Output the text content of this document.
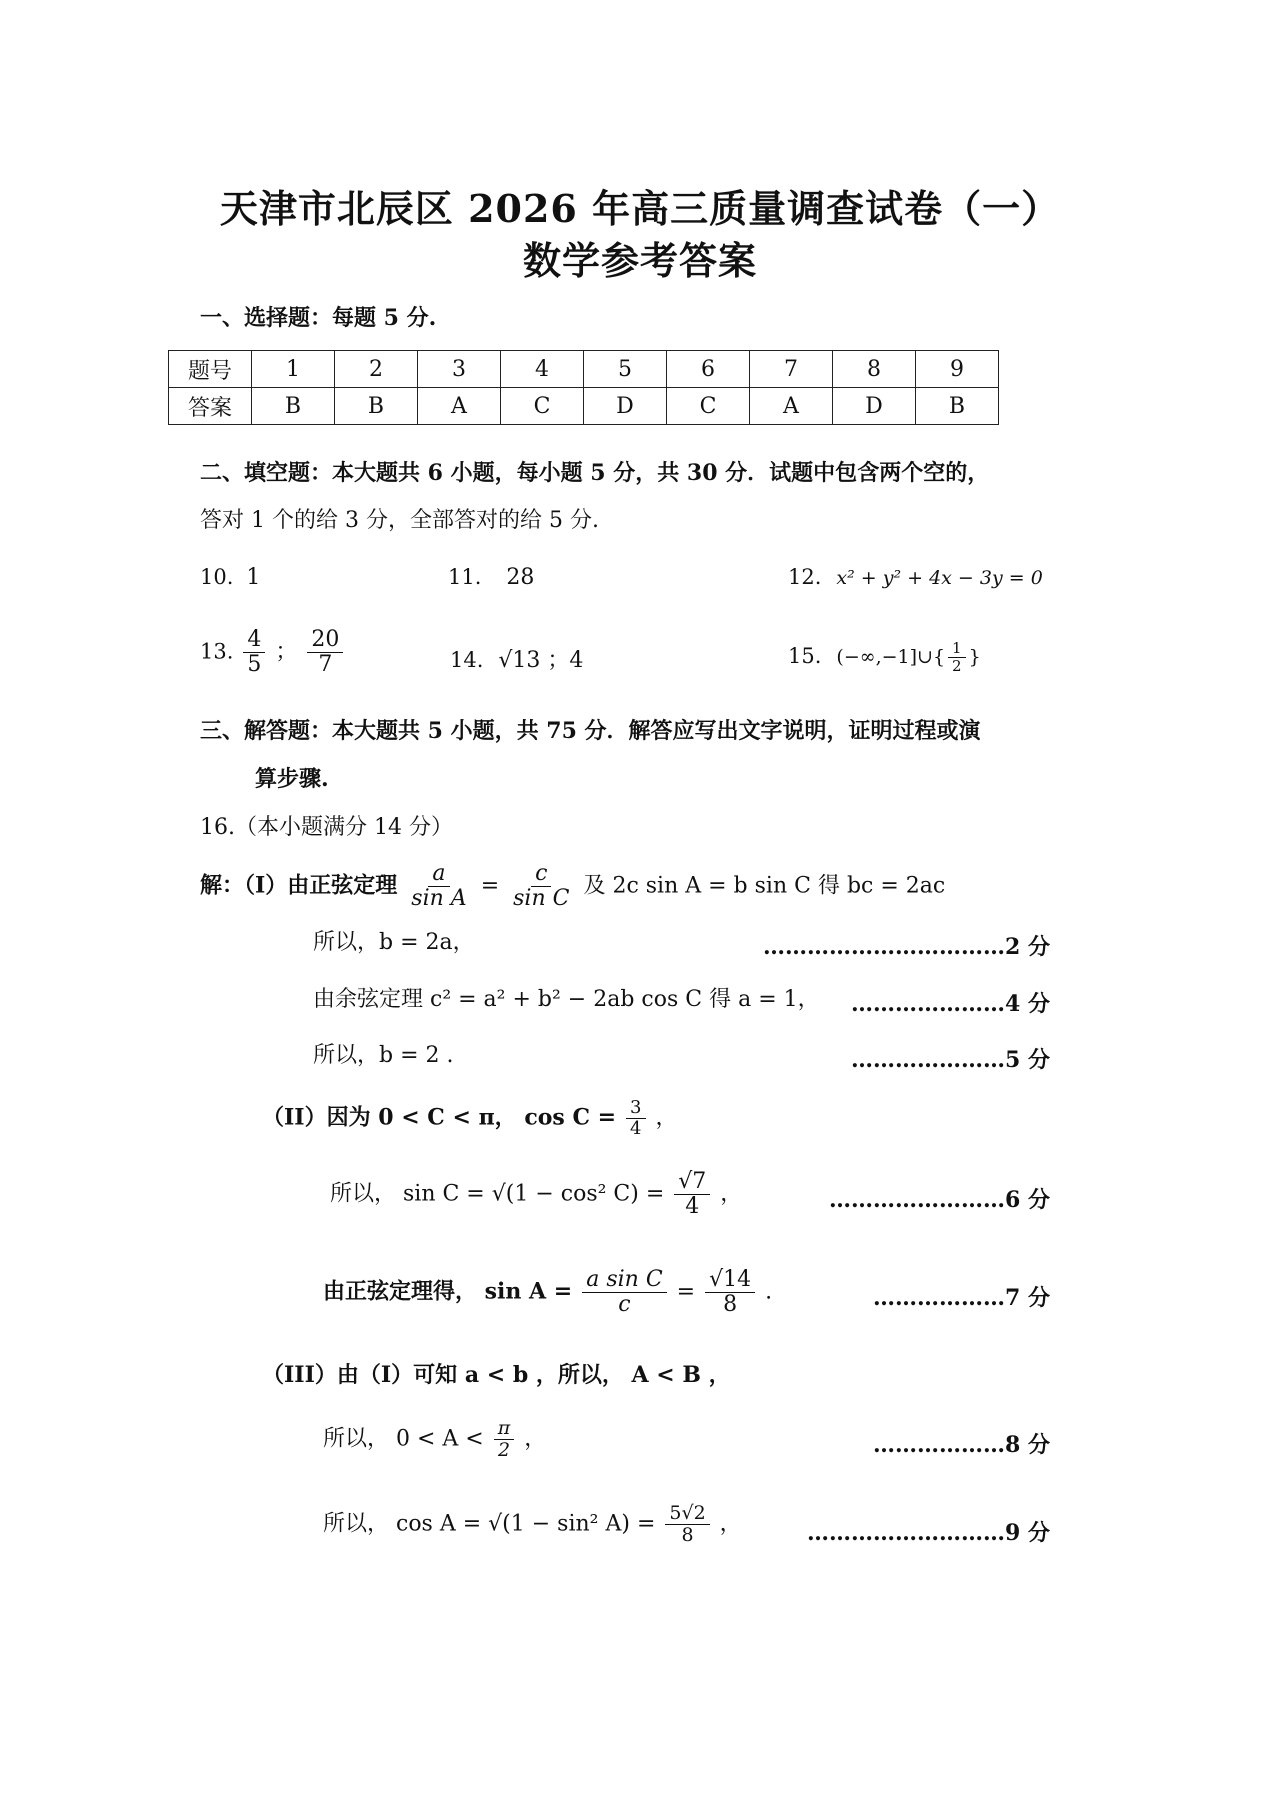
天津市北辰区 2026 年高三质量调查试卷（一）
数学参考答案
一、选择题：每题 5 分.
题号	1	2	3	4	5	6	7	8	9
答案	B	B	A	C	D	C	A	D	B
二、填空题：本大题共 6 小题，每小题 5 分，共 30 分．试题中包含两个空的，
答对 1 个的给 3 分，全部答对的给 5 分.
10. 1	11. 28	12. x² + y² + 4x − 3y = 0
13. $\frac{4}{5}$ ； $\frac{20}{7}$	14. √13 ；4	15. (−∞,−1]∪{ $\frac{1}{2}$ }
三、解答题：本大题共 5 小题，共 75 分．解答应写出文字说明，证明过程或演
算步骤.
16.（本小题满分 14 分）
解：（I）由正弦定理 $\frac{a}{\text{sin A}} = \frac{c}{\text{sin C}}$ 及 2c sin A = b sin C 得 bc = 2ac
所以，b = 2a，	……………………………2 分
由余弦定理 c² = a² + b² − 2ab cos C 得 a = 1， …………………4 分
所以，b = 2 .	…………………5 分
（II）因为 0 < C < π， $\cos C = \frac{3}{4}$ ，
所以， sin C = √(1 − cos² $C) = \frac{√7}{4}$ ，	……………………6 分
由正弦定理得， $\sin A = \frac{\text{a sin C}}{c} = \frac{√14}{8}$ .	………………7 分
（III）由（I）可知 a < b ，所以， A < B ，
所以， $0 < A < \frac{\pi}{2}$ ，	………………8 分
所以， cos A = √(1 − sin² $A) = \frac{5√2}{8}$ ，	………………………9 分
